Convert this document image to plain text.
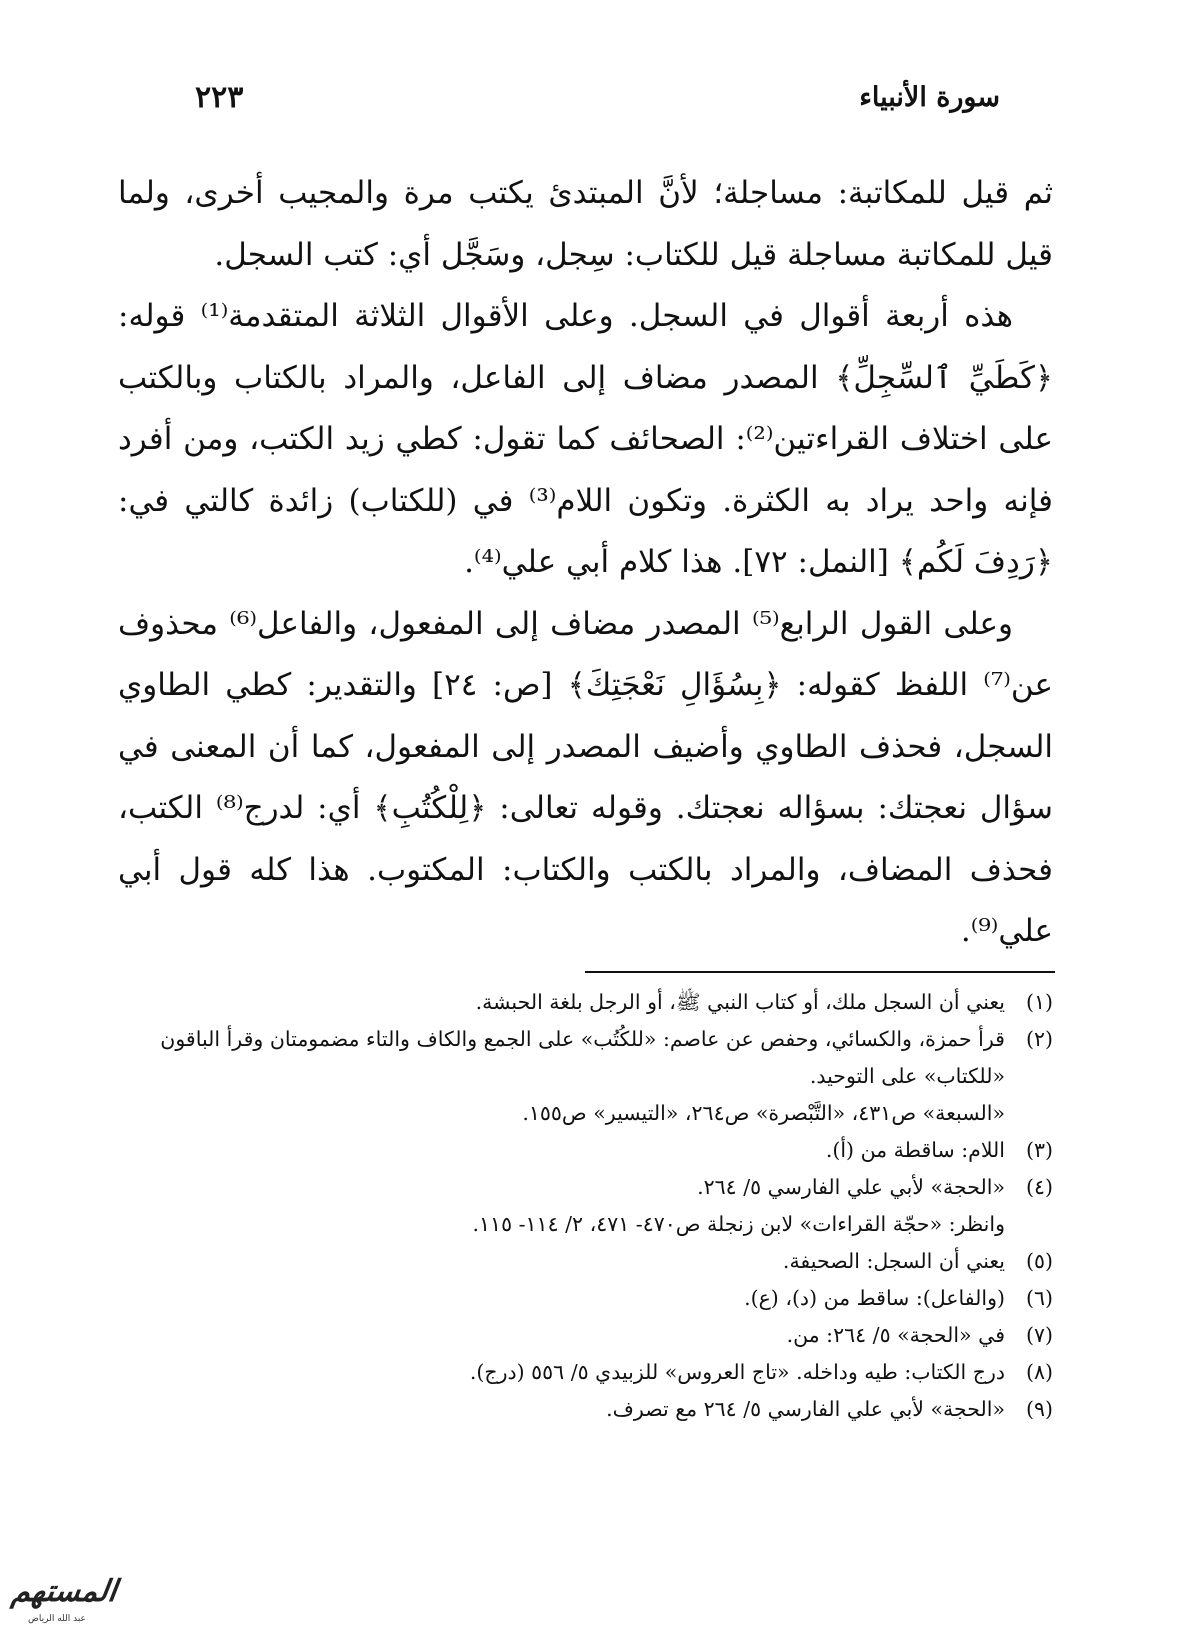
سورة الأنبياء
٢٢٣

ثم قيل للمكاتبة: مساجلة؛ لأنَّ المبتدئ يكتب مرة والمجيب أخرى، ولما قيل للمكاتبة مساجلة قيل للكتاب: سِجل، وسَجَّل أي: كتب السجل.

هذه أربعة أقوال في السجل. وعلى الأقوال الثلاثة المتقدمة⁽¹⁾ قوله: ﴿كَطَيِّ ٱلسِّجِلِّ﴾ المصدر مضاف إلى الفاعل، والمراد بالكتاب وبالكتب على اختلاف القراءتين⁽²⁾: الصحائف كما تقول: كطي زيد الكتب، ومن أفرد فإنه واحد يراد به الكثرة. وتكون اللام⁽³⁾ في (للكتاب) زائدة كالتي في: ﴿رَدِفَ لَكُم﴾ [النمل: ٧٢]. هذا كلام أبي علي⁽⁴⁾.

وعلى القول الرابع⁽⁵⁾ المصدر مضاف إلى المفعول، والفاعل⁽⁶⁾ محذوف عن⁽⁷⁾ اللفظ كقوله: ﴿بِسُؤَالِ نَعْجَتِكَ﴾ [ص: ٢٤] والتقدير: كطي الطاوي السجل، فحذف الطاوي وأضيف المصدر إلى المفعول، كما أن المعنى في سؤال نعجتك: بسؤاله نعجتك. وقوله تعالى: ﴿لِلْكُتُبِ﴾ أي: لدرج⁽⁸⁾ الكتب، فحذف المضاف، والمراد بالكتب والكتاب: المكتوب. هذا كله قول أبي علي⁽⁹⁾.

(١)
يعني أن السجل ملك، أو كتاب النبي ﷺ، أو الرجل بلغة الحبشة.
(٢)
قرأ حمزة، والكسائي، وحفص عن عاصم: «للكُتُب» على الجمع والكاف والتاء مضمومتان وقرأ الباقون «للكتاب» على التوحيد.
«السبعة» ص٤٣١، «التَّبْصرة» ص٢٦٤، «التيسير» ص١٥٥.
(٣)
اللام: ساقطة من (أ).
(٤)
«الحجة» لأبي علي الفارسي ٥/ ٢٦٤.
وانظر: «حجّة القراءات» لابن زنجلة ص٤٧٠- ٤٧١، ٢/ ١١٤- ١١٥.
(٥)
يعني أن السجل: الصحيفة.
(٦)
(والفاعل): ساقط من (د)، (ع).
(٧)
في «الحجة» ٥/ ٢٦٤: من.
(٨)
درج الكتاب: طيه وداخله. «تاج العروس» للزبيدي ٥/ ٥٥٦ (درج).
(٩)
«الحجة» لأبي علي الفارسي ٥/ ٢٦٤ مع تصرف.
المستهم
عبد الله الرياض
